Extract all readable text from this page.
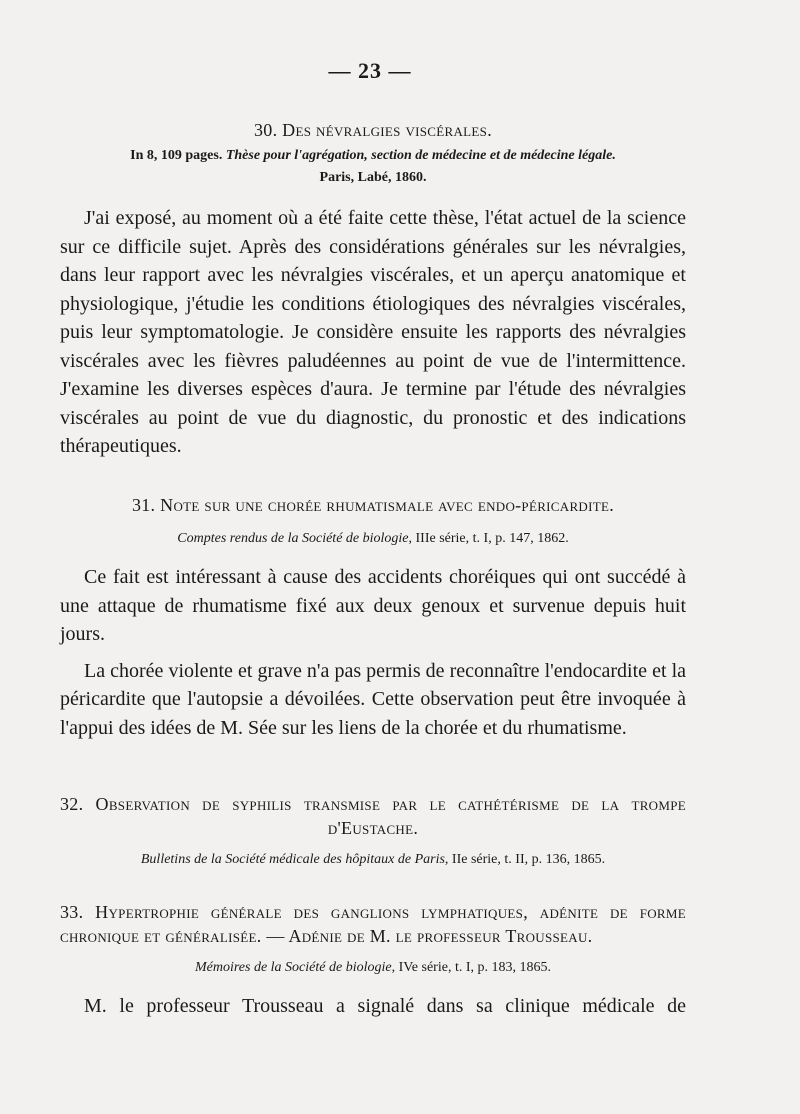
— 23 —

30. Des névralgies viscérales.

In 8, 109 pages. Thèse pour l'agrégation, section de médecine et de médecine légale.

Paris, Labé, 1860.

J'ai exposé, au moment où a été faite cette thèse, l'état actuel de la science sur ce difficile sujet. Après des considérations générales sur les névralgies, dans leur rapport avec les névralgies viscérales, et un aperçu anatomique et physiologique, j'étudie les conditions étiologiques des névralgies viscérales, puis leur symptomatologie. Je considère ensuite les rapports des névralgies viscérales avec les fièvres paludéennes au point de vue de l'intermittence. J'examine les diverses espèces d'aura. Je termine par l'étude des névralgies viscérales au point de vue du diagnostic, du pronostic et des indications thérapeutiques.

31. Note sur une chorée rhumatismale avec endo-péricardite.

Comptes rendus de la Société de biologie, IIIe série, t. I, p. 147, 1862.

Ce fait est intéressant à cause des accidents choréiques qui ont succédé à une attaque de rhumatisme fixé aux deux genoux et survenue depuis huit jours.

La chorée violente et grave n'a pas permis de reconnaître l'endocardite et la péricardite que l'autopsie a dévoilées. Cette observation peut être invoquée à l'appui des idées de M. Sée sur les liens de la chorée et du rhumatisme.

32. Observation de syphilis transmise par le cathétérisme de la trompe d'Eustache.

Bulletins de la Société médicale des hôpitaux de Paris, IIe série, t. II, p. 136, 1865.

33. Hypertrophie générale des ganglions lymphatiques, adénite de forme chronique et généralisée. — Adénie de M. le professeur Trousseau.

Mémoires de la Société de biologie, IVe série, t. I, p. 183, 1865.

M. le professeur Trousseau a signalé dans sa clinique médicale de
